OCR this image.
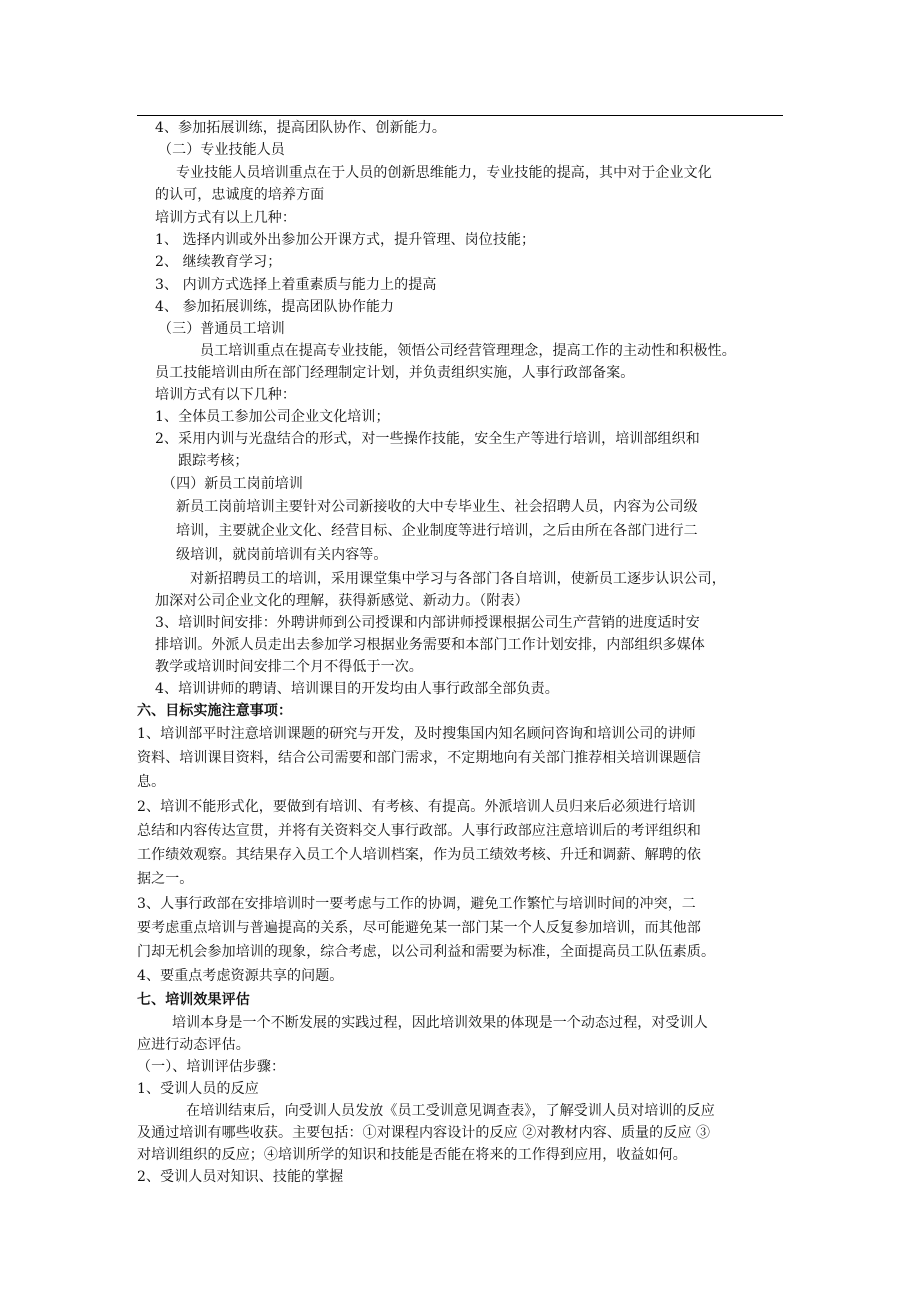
4、参加拓展训练，提高团队协作、创新能力。
（二）专业技能人员
专业技能人员培训重点在于人员的创新思维能力，专业技能的提高，其中对于企业文化
的认可，忠诚度的培养方面
培训方式有以上几种：
1、 选择内训或外出参加公开课方式，提升管理、岗位技能；
2、 继续教育学习；
3、 内训方式选择上着重素质与能力上的提高
4、 参加拓展训练，提高团队协作能力
（三）普通员工培训
员工培训重点在提高专业技能，领悟公司经营管理理念，提高工作的主动性和积极性。
员工技能培训由所在部门经理制定计划，并负责组织实施，人事行政部备案。
培训方式有以下几种：
1、全体员工参加公司企业文化培训；
2、采用内训与光盘结合的形式，对一些操作技能，安全生产等进行培训，培训部组织和
跟踪考核；
（四）新员工岗前培训
新员工岗前培训主要针对公司新接收的大中专毕业生、社会招聘人员，内容为公司级
培训，主要就企业文化、经营目标、企业制度等进行培训，之后由所在各部门进行二
级培训，就岗前培训有关内容等。
对新招聘员工的培训，采用课堂集中学习与各部门各自培训，使新员工逐步认识公司，
加深对公司企业文化的理解，获得新感觉、新动力。（附表）
3、培训时间安排：外聘讲师到公司授课和内部讲师授课根据公司生产营销的进度适时安
排培训。外派人员走出去参加学习根据业务需要和本部门工作计划安排，内部组织多媒体
教学或培训时间安排二个月不得低于一次。
4、培训讲师的聘请、培训课目的开发均由人事行政部全部负责。
六、目标实施注意事项：
1、培训部平时注意培训课题的研究与开发，及时搜集国内知名顾问咨询和培训公司的讲师
资料、培训课目资料，结合公司需要和部门需求，不定期地向有关部门推荐相关培训课题信
息。
2、培训不能形式化，要做到有培训、有考核、有提高。外派培训人员归来后必须进行培训
总结和内容传达宣贯，并将有关资料交人事行政部。人事行政部应注意培训后的考评组织和
工作绩效观察。其结果存入员工个人培训档案，作为员工绩效考核、升迁和调薪、解聘的依
据之一。
3、人事行政部在安排培训时一要考虑与工作的协调，避免工作繁忙与培训时间的冲突，二
要考虑重点培训与普遍提高的关系，尽可能避免某一部门某一个人反复参加培训，而其他部
门却无机会参加培训的现象，综合考虑，以公司利益和需要为标准，全面提高员工队伍素质。
4、要重点考虑资源共享的问题。
七、培训效果评估
培训本身是一个不断发展的实践过程，因此培训效果的体现是一个动态过程，对受训人
应进行动态评估。
（一）、培训评估步骤：
1、受训人员的反应
在培训结束后，向受训人员发放《员工受训意见调查表》，了解受训人员对培训的反应
及通过培训有哪些收获。主要包括：①对课程内容设计的反应 ②对教材内容、质量的反应 ③
对培训组织的反应；④培训所学的知识和技能是否能在将来的工作得到应用，收益如何。
2、受训人员对知识、技能的掌握
